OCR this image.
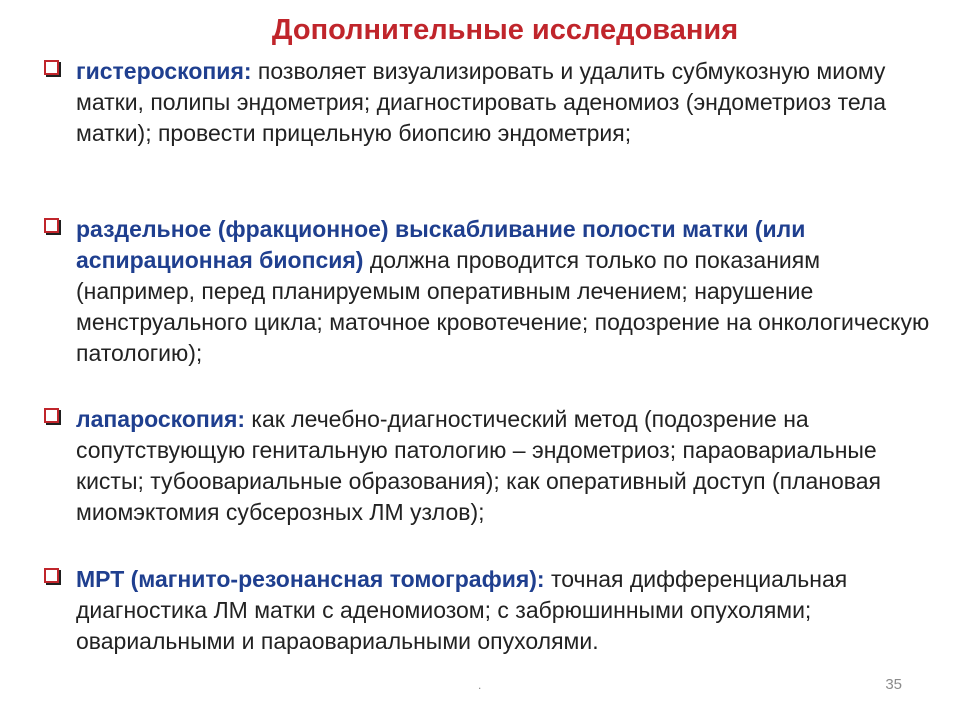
Дополнительные исследования
гистероскопия: позволяет визуализировать и удалить субмукозную миому матки, полипы эндометрия; диагностировать аденомиоз (эндометриоз тела матки); провести прицельную биопсию эндометрия;
раздельное (фракционное) выскабливание полости матки (или аспирационная биопсия) должна проводится только по показаниям (например, перед планируемым оперативным лечением; нарушение менструального цикла; маточное кровотечение; подозрение на онкологическую патологию);
лапароскопия: как лечебно-диагностический метод (подозрение на сопутствующую генитальную патологию – эндометриоз; параовариальные кисты; тубоовариальные образования); как оперативный доступ (плановая миомэктомия субсерозных ЛМ узлов);
МРТ (магнито-резонансная томография): точная дифференциальная диагностика ЛМ матки с аденомиозом; с забрюшинными опухолями; овариальными и параовариальными опухолями.
.	35
